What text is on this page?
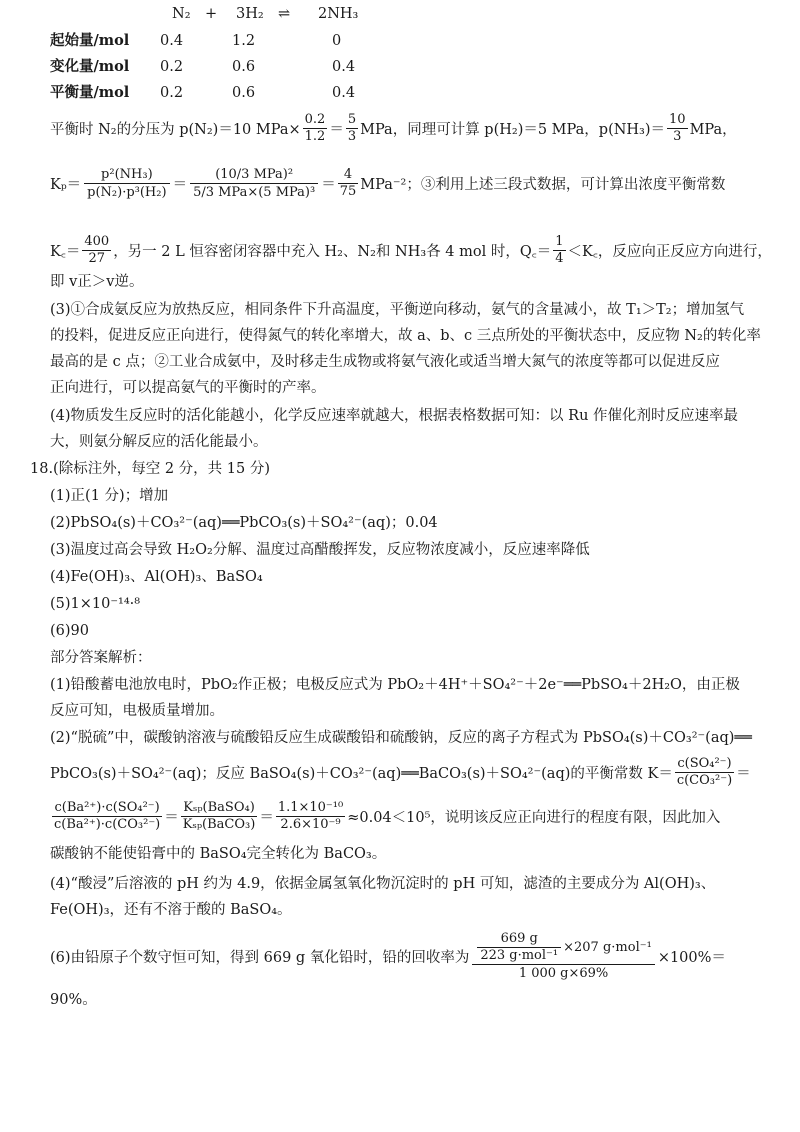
N₂ + 3H₂ ⇌ 2NH₃
起始量/mol 0.4	1.2	0
变化量/mol 0.2	0.6	0.4
平衡量/mol 0.2	0.6	0.4
平衡时 N₂的分压为 p(N₂)＝10 $MPa\times \frac{0.2}{1.2} = \frac{5}{3}$ MPa，同理可计算 p(H₂)＝5 MPa，$p(NH_3)= \frac{10}{3}$ MPa，
$K_p= \frac{\text{p²(NH₃)}}{\text{p(N₂)·p³(H₂)}} = \frac{\text{(10/3 MPa)²}}{\text{5/3 MPa×(5 MPa)³}} = \frac{4}{75} MPa^{-2}$；③利用上述三段式数据，可计算出浓度平衡常数
K꜀＝ $\frac{400}{27}$ ，另一 2 L 恒容密闭容器中充入 H₂、N₂和 NH₃各 4 mol 时，Q꜀＝ $\frac{1}{4}$ ＜K꜀，反应向正反应方向进行，
即 v正＞v逆。
(3)①合成氨反应为放热反应，相同条件下升高温度，平衡逆向移动，氨气的含量减小，故 T₁＞T₂；增加氢气
的投料，促进反应正向进行，使得氮气的转化率增大，故 a、b、c 三点所处的平衡状态中，反应物 N₂的转化率
最高的是 c 点；②工业合成氨中，及时移走生成物或将氨气液化或适当增大氮气的浓度等都可以促进反应
正向进行，可以提高氨气的平衡时的产率。
(4)物质发生反应时的活化能越小，化学反应速率就越大，根据表格数据可知：以 Ru 作催化剂时反应速率最
大，则氨分解反应的活化能最小。
18.(除标注外，每空 2 分，共 15 分)
(1)正(1 分)；增加
(2)PbSO₄(s)＋CO₃²⁻(aq)══PbCO₃(s)＋SO₄²⁻(aq)；0.04
(3)温度过高会导致 H₂O₂分解、温度过高醋酸挥发，反应物浓度减小，反应速率降低
(4)Fe(OH)₃、Al(OH)₃、BaSO₄
(5)1×10⁻¹⁴·⁸
(6)90
部分答案解析：
(1)铅酸蓄电池放电时，PbO₂作正极；电极反应式为 PbO₂＋4H⁺＋SO₄²⁻＋2e⁻══PbSO₄＋2H₂O，由正极
反应可知，电极质量增加。
(2)“脱硫”中，碳酸钠溶液与硫酸铅反应生成碳酸铅和硫酸钠，反应的离子方程式为 PbSO₄(s)＋CO₃²⁻(aq)══
PbCO₃(s)＋SO₄²⁻(aq)；反应 BaSO₄(s)＋CO₃²⁻(aq)══BaCO₃(s)＋SO₄²⁻(aq)的平衡常数 $K= \frac{\text{c(SO₄²⁻)}}{\text{c(CO₃²⁻)}}$ ＝
$\frac{\text{c(Ba²⁺)·c(SO₄²⁻)}}{\text{c(Ba²⁺)·c(CO₃²⁻)}} = \frac{\text{Kₛₚ(BaSO₄)}}{\text{Kₛₚ(BaCO₃)}} = \frac{\text{1.1×10⁻¹⁰}}{\text{2.6×10⁻⁹}} \approx 0.04<10^5$，说明该反应正向进行的程度有限，因此加入
碳酸钠不能使铅膏中的 BaSO₄完全转化为 BaCO₃。
(4)“酸浸”后溶液的 pH 约为 4.9，依据金属氢氧化物沉淀时的 pH 可知，滤渣的主要成分为 Al(OH)₃、
Fe(OH)₃，还有不溶于酸的 BaSO₄。
(6)由铅原子个数守恒可知，得到 669 g 氧化铅时，铅的回收率为 $\frac{\frac{669 g}{\text{223 g·mol⁻¹}} \times 207 g\cdot mol^{-1}}{1 000 g\times 69\%} \times 100\%=$
90%。
